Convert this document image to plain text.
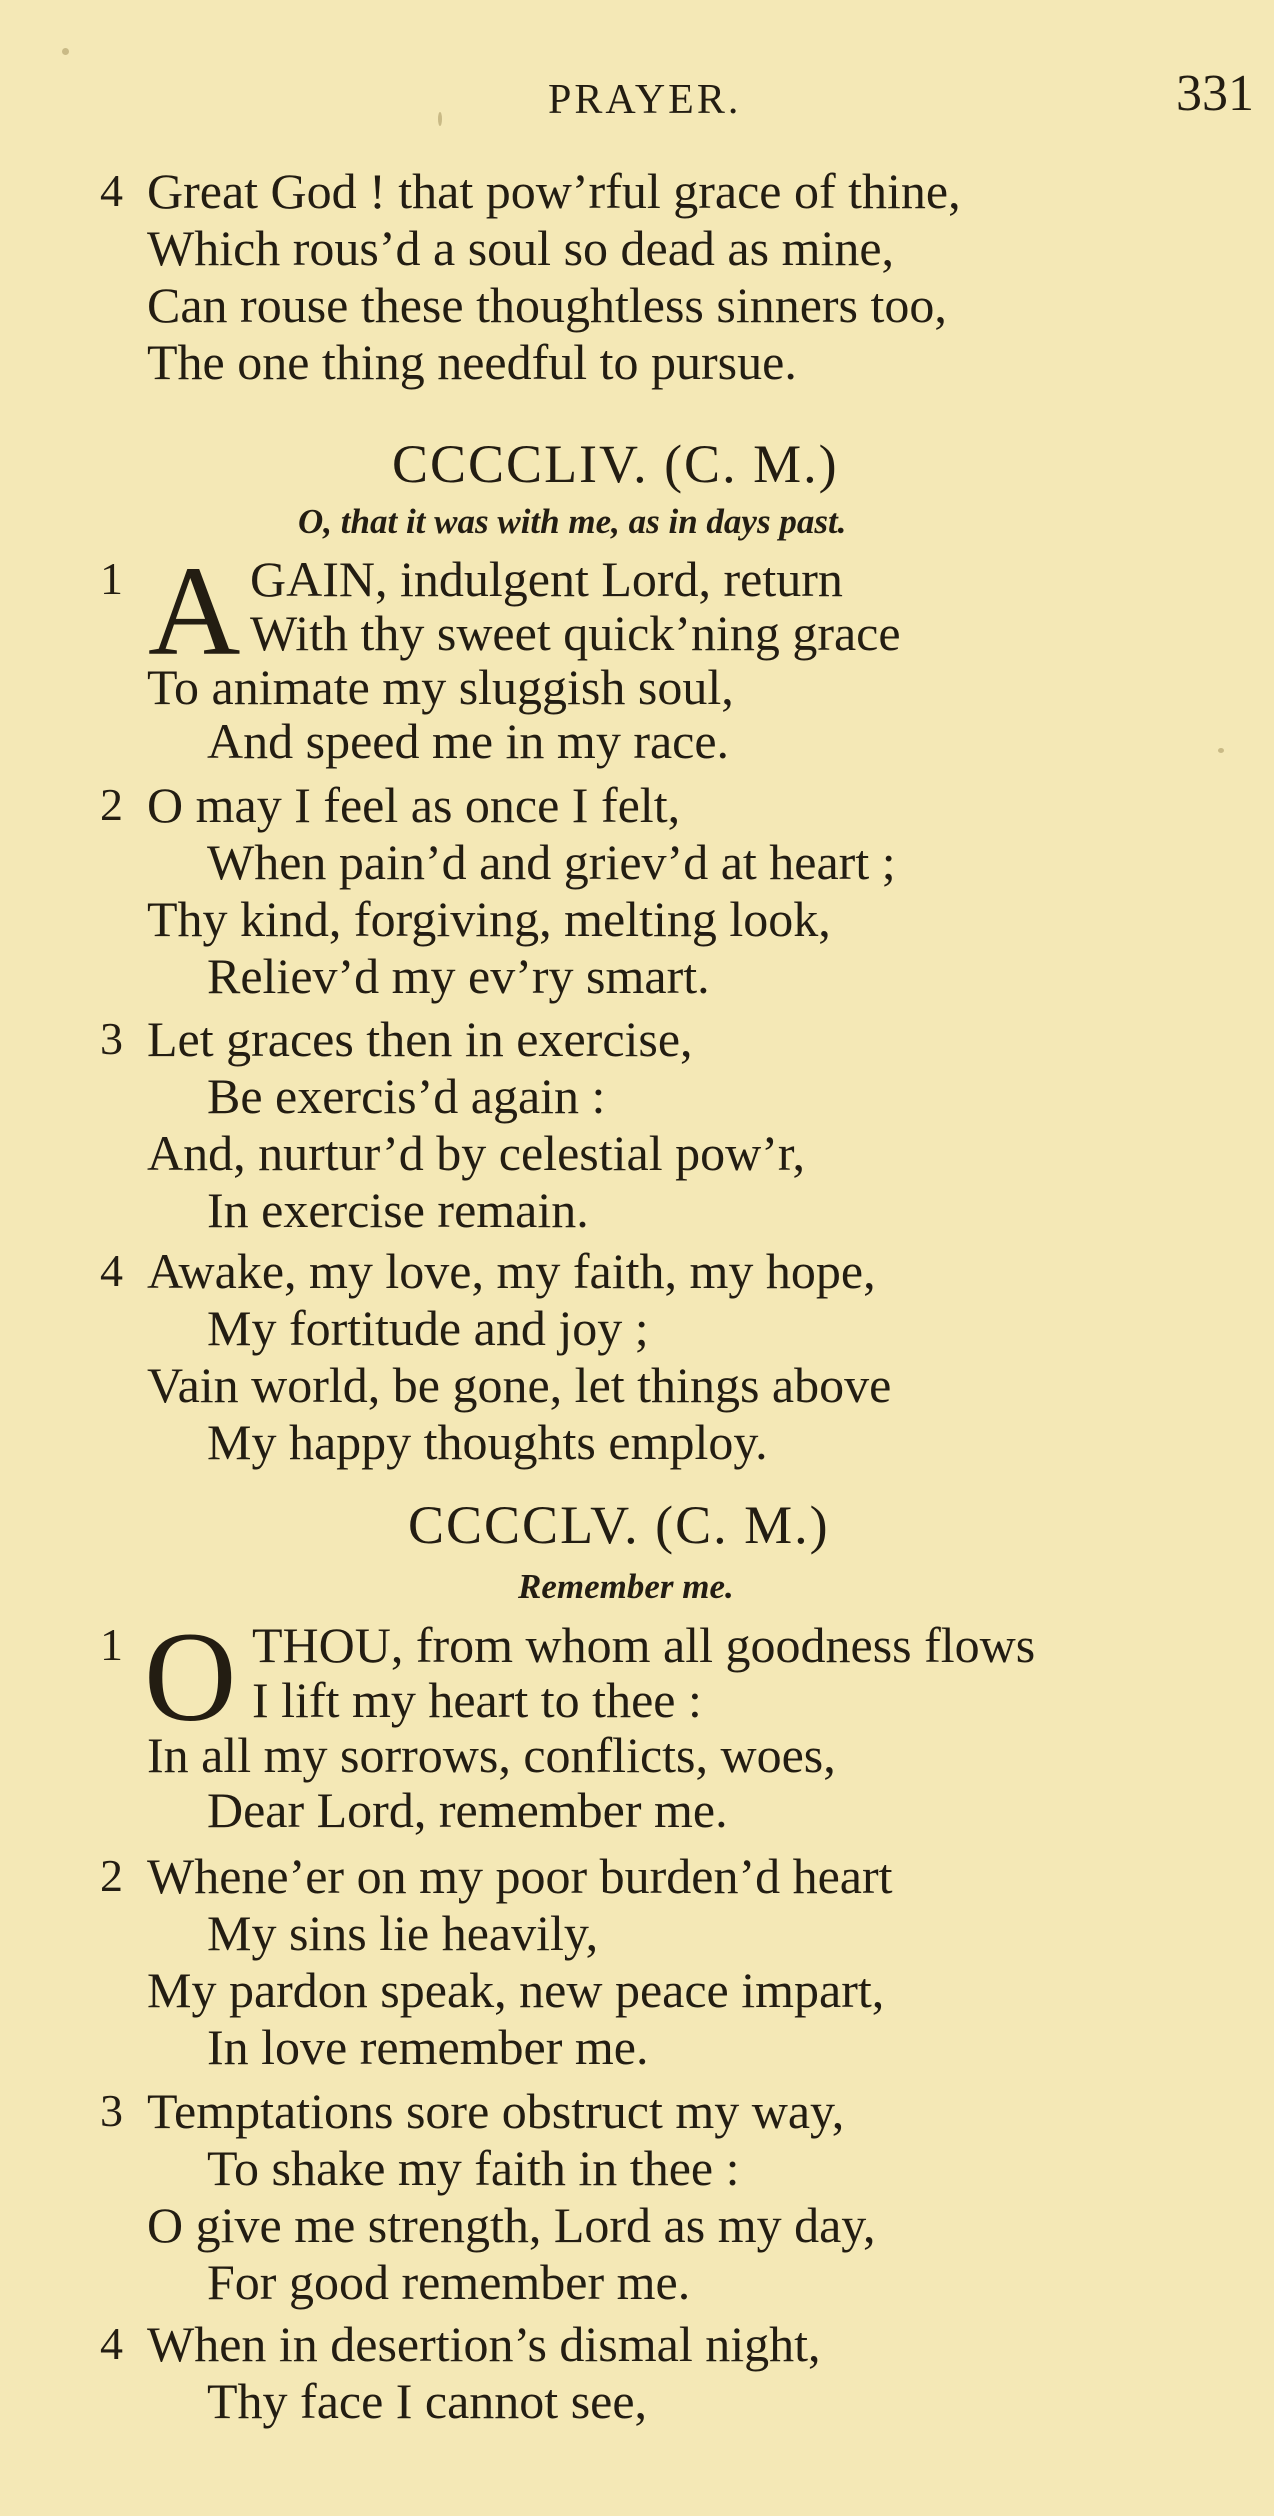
PRAYER.	331
4 Great God ! that pow’rful grace of thine,
Which rous’d a soul so dead as mine,
Can rouse these thoughtless sinners too,
The one thing needful to pursue.
CCCCLIV. (C. M.)
O, that it was with me, as in days past.
1 A GAIN, indulgent Lord, return
With thy sweet quick’ning grace
To animate my sluggish soul,
And speed me in my race.
2 O may I feel as once I felt,
When pain’d and griev’d at heart ;
Thy kind, forgiving, melting look,
Reliev’d my ev’ry smart.
3 Let graces then in exercise,
Be exercis’d again :
And, nurtur’d by celestial pow’r,
In exercise remain.
4 Awake, my love, my faith, my hope,
My fortitude and joy ;
Vain world, be gone, let things above
My happy thoughts employ.
CCCCLV. (C. M.)
Remember me.
1 O THOU, from whom all goodness flows
I lift my heart to thee :
In all my sorrows, conflicts, woes,
Dear Lord, remember me.
2 Whene’er on my poor burden’d heart
My sins lie heavily,
My pardon speak, new peace impart,
In love remember me.
3 Temptations sore obstruct my way,
To shake my faith in thee :
O give me strength, Lord as my day,
For good remember me.
4 When in desertion’s dismal night,
Thy face I cannot see,
